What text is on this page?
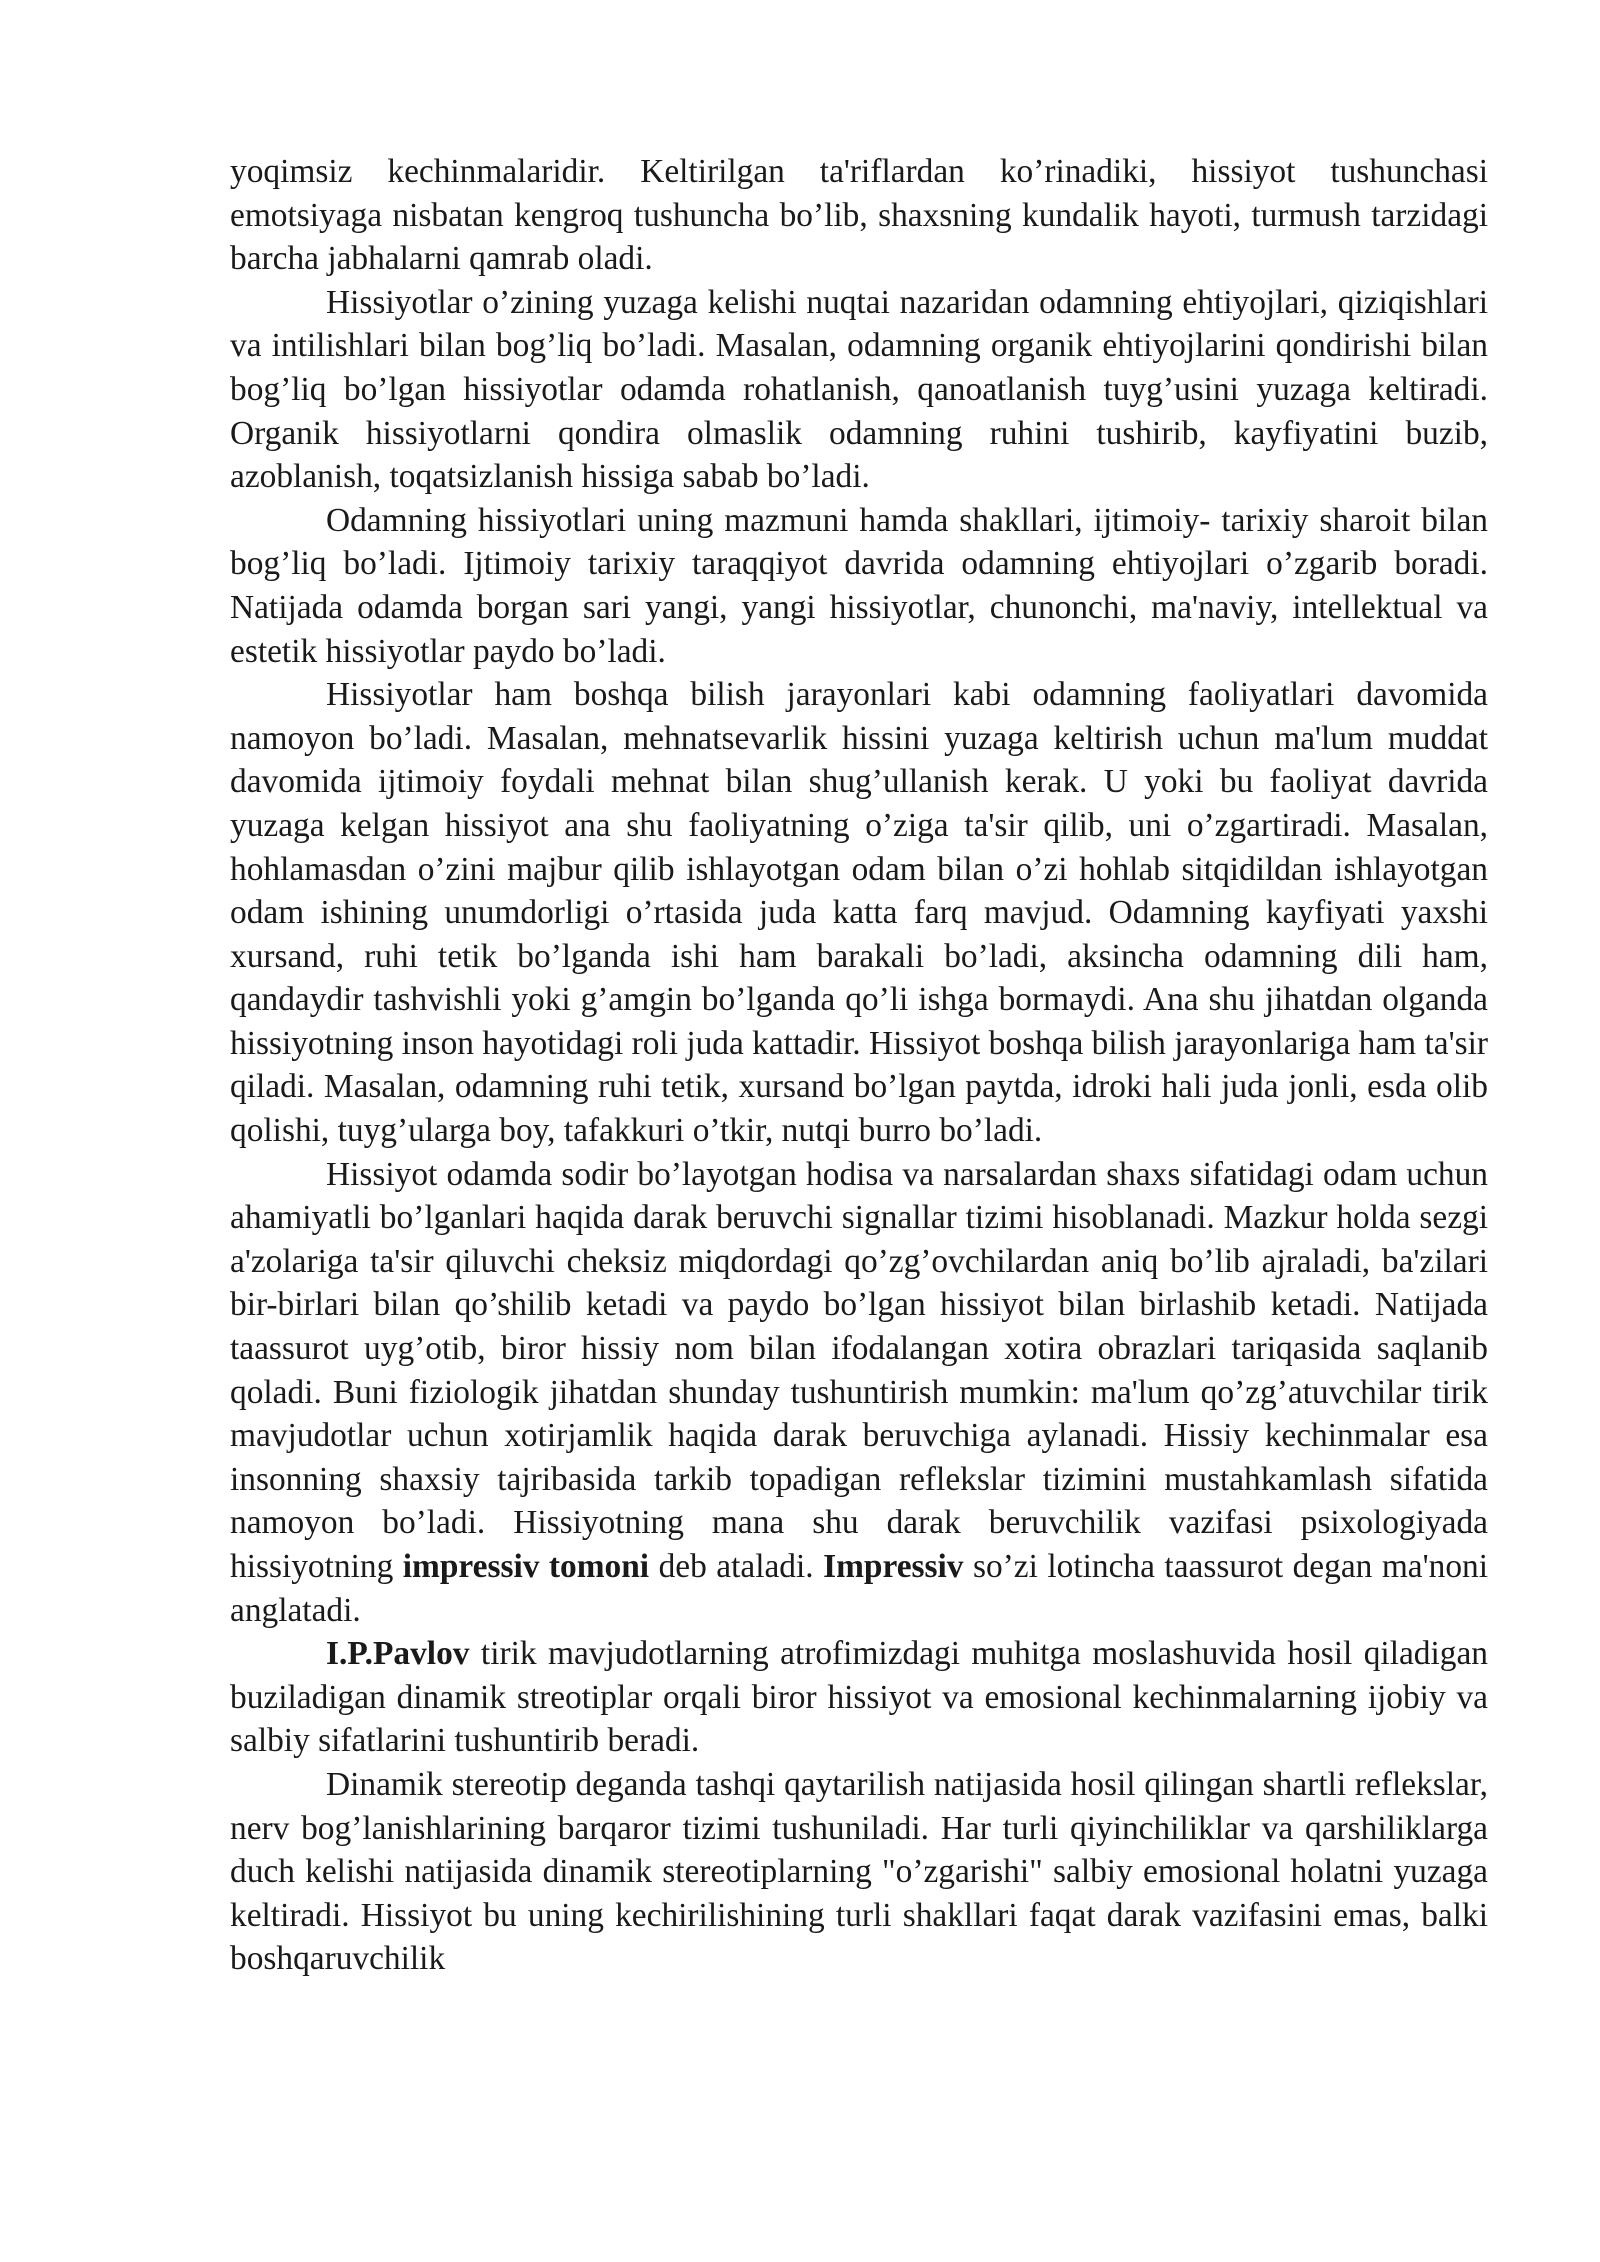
yoqimsiz kechinmalaridir. Keltirilgan ta'riflardan ko’rinadiki, hissiyot tushunchasi emotsiyaga nisbatan kengroq tushuncha bo’lib, shaxsning kundalik hayoti, turmush tarzidagi barcha jabhalarni qamrab oladi.

Hissiyotlar o’zining yuzaga kelishi nuqtai nazaridan odamning ehtiyojlari, qiziqishlari va intilishlari bilan bog’liq bo’ladi. Masalan, odamning organik ehtiyojlarini qondirishi bilan bog’liq bo’lgan hissiyotlar odamda rohatlanish, qanoatlanish tuyg’usini yuzaga keltiradi. Organik hissiyotlarni qondira olmaslik odamning ruhini tushirib, kayfiyatini buzib, azoblanish, toqatsizlanish hissiga sabab bo’ladi.

Odamning hissiyotlari uning mazmuni hamda shakllari, ijtimoiy- tarixiy sharoit bilan bog’liq bo’ladi. Ijtimoiy tarixiy taraqqiyot davrida odamning ehtiyojlari o’zgarib boradi. Natijada odamda borgan sari yangi, yangi hissiyotlar, chunonchi, ma'naviy, intellektual va estetik hissiyotlar paydo bo’ladi.

Hissiyotlar ham boshqa bilish jarayonlari kabi odamning faoliyatlari davomida namoyon bo’ladi. Masalan, mehnatsevarlik hissini yuzaga keltirish uchun ma'lum muddat davomida ijtimoiy foydali mehnat bilan shug’ullanish kerak. U yoki bu faoliyat davrida yuzaga kelgan hissiyot ana shu faoliyatning o’ziga ta'sir qilib, uni o’zgartiradi. Masalan, hohlamasdan o’zini majbur qilib ishlayotgan odam bilan o’zi hohlab sitqidildan ishlayotgan odam ishining unumdorligi o’rtasida juda katta farq mavjud. Odamning kayfiyati yaxshi xursand, ruhi tetik bo’lganda ishi ham barakali bo’ladi, aksincha odamning dili ham, qandaydir tashvishli yoki g’amgin bo’lganda qo’li ishga bormaydi. Ana shu jihatdan olganda hissiyotning inson hayotidagi roli juda kattadir. Hissiyot boshqa bilish jarayonlariga ham ta'sir qiladi. Masalan, odamning ruhi tetik, xursand bo’lgan paytda, idroki hali juda jonli, esda olib qolishi, tuyg’ularga boy, tafakkuri o’tkir, nutqi burro bo’ladi.

Hissiyot odamda sodir bo’layotgan hodisa va narsalardan shaxs sifatidagi odam uchun ahamiyatli bo’lganlari haqida darak beruvchi signallar tizimi hisoblanadi. Mazkur holda sezgi a'zolariga ta'sir qiluvchi cheksiz miqdordagi qo’zg’ovchilardan aniq bo’lib ajraladi, ba'zilari bir-birlari bilan qo’shilib ketadi va paydo bo’lgan hissiyot bilan birlashib ketadi. Natijada taassurot uyg’otib, biror hissiy nom bilan ifodalangan xotira obrazlari tariqasida saqlanib qoladi. Buni fiziologik jihatdan shunday tushuntirish mumkin: ma'lum qo’zg’atuvchilar tirik mavjudotlar uchun xotirjamlik haqida darak beruvchiga aylanadi. Hissiy kechinmalar esa insonning shaxsiy tajribasida tarkib topadigan reflekslar tizimini mustahkamlash sifatida namoyon bo’ladi. Hissiyotning mana shu darak beruvchilik vazifasi psixologiyada hissiyotning impressiv tomoni deb ataladi. Impressiv so’zi lotincha taassurot degan ma'noni anglatadi.

I.P.Pavlov tirik mavjudotlarning atrofimizdagi muhitga moslashuvida hosil qiladigan buziladigan dinamik streotiplar orqali biror hissiyot va emosional kechinmalarning ijobiy va salbiy sifatlarini tushuntirib beradi.

Dinamik stereotip deganda tashqi qaytarilish natijasida hosil qilingan shartli reflekslar, nerv bog’lanishlarining barqaror tizimi tushuniladi. Har turli qiyinchiliklar va qarshiliklarga duch kelishi natijasida dinamik stereotiplarning "o’zgarishi" salbiy emosional holatni yuzaga keltiradi. Hissiyot bu uning kechirilishining turli shakllari faqat darak vazifasini emas, balki boshqaruvchilik
